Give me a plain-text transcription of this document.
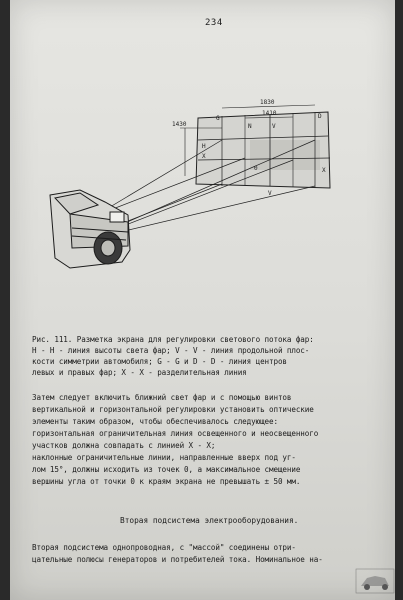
234
1830
1410
1430
G	D
N	V
H
X
X
0
V

Рис. 111. Разметка экрана для регулировки светового потока фар:

H - H - линия высоты света фар; V - V - линия продольной плос-

кости симметрии автомобиля; G - G и D - D - линия центров

левых и правых фар; X - X - разделительная линия

Затем следует включить ближний свет фар и с помощью винтов

вертикальной и горизонтальной регулировки установить оптические

элементы таким образом, чтобы обеспечивалось следующее:

горизонтальная ограничительная линия освещенного и неосвещенного

участков должна совпадать с линией X - X;

наклонные ограничительные линии, направленные вверх под уг-

лом 15°, должны исходить из точек 0, а максимальное смещение

вершины угла от точки 0 к краям экрана не превышать ± 50 мм.

Вторая подсистема электрооборудования.

Вторая подсистема однопроводная, с "массой" соединены отри-

цательные полюсы генераторов и потребителей тока. Номинальное на-
